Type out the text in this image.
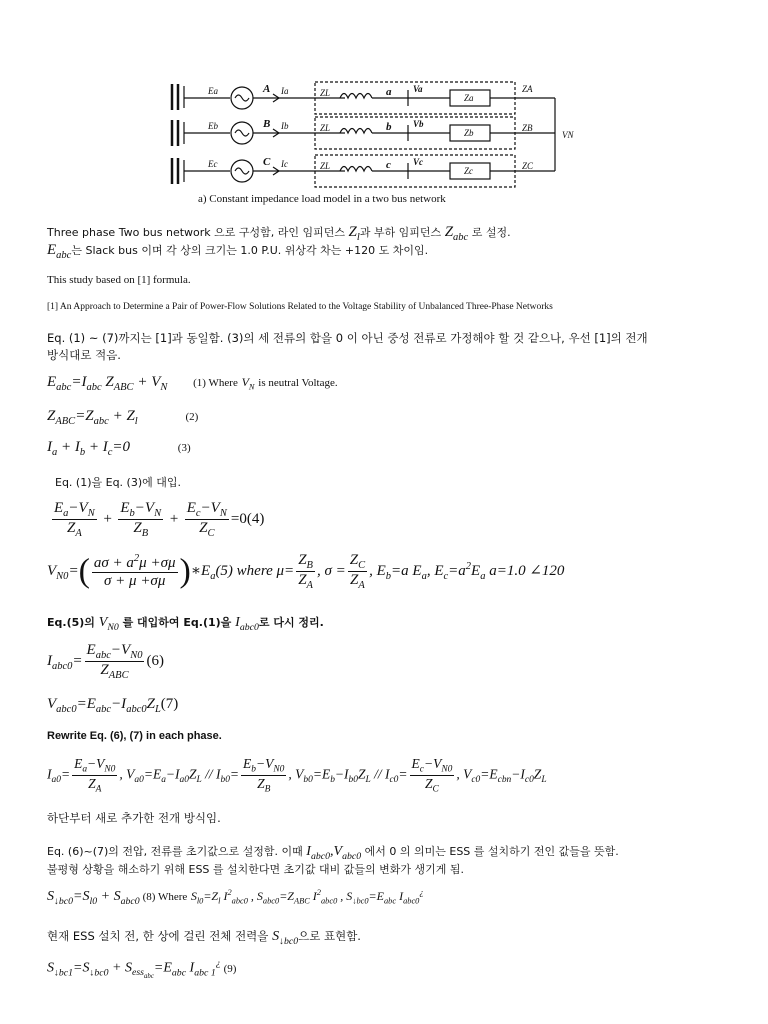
Ea
Eb
Ec
A
B
C
Ia
Ib
Ic
ZL
ZL
ZL
a
b
c
Va
Vb
Vc
Za
Zb
Zc
ZA
ZB
ZC
VN
a) Constant impedance load model in a two bus network
Three phase Two bus network 으로 구성함, 라인 임피던스 $Z_l$과 부하 임피던스 $Z_{abc}$ 로 설정.
$E_{abc}$는 Slack bus 이며 각 상의 크기는 1.0 P.U. 위상각 차는 +120 도 차이임.
This study based on [1] formula.
[1] An Approach to Determine a Pair of Power-Flow Solutions Related to the Voltage Stability of Unbalanced Three-Phase Networks
Eq. (1) ~ (7)까지는 [1]과 동일함. (3)의 세 전류의 합을 0 이 아닌 중성 전류로 가정해야 할 것 같으나, 우선 [1]의 전개
방식대로 적음.
$E_{abc}=I_{abc}$ $Z_{ABC} + V_N$ (1) Where $V_N$ is neutral Voltage.
$Z_{ABC}=Z_{abc} + Z_l$	(2)
$I_a + I_b + I_c=0$	(3)
Eq. (1)을 Eq. (3)에 대입.
$\frac{E_a-V_N}{Z_A} + \frac{E_b-V_N}{Z_B} + \frac{E_c-V_N}{Z_C} =0(4)$
$V_{N0}=( \frac{a\sigma + a^2\mu +\sigma\mu}{\sigma + \mu +\sigma\mu}$ )$∗E_a(5)$ where $\mu= \frac{Z_B}{Z_A}$ , $\sigma = \frac{Z_C}{Z_A}$ , $E_b=a$ $E_a$, $E_c=a^2E_a$ a=1.0 ∠120
Eq.(5)의 $V_{N0}$ 를 대입하여 Eq.(1)을 $I_{abc0}$로 다시 정리.
$I_{abc0}= \frac{E_{abc}-V_{N0}}{Z_{ABC}} (6)$
$V_{abc0}=E_{abc}-I_{abc0}Z_L(7)$
Rewrite Eq. (6), (7) in each phase.
$I_{a0}= \frac{E_a-V_{N0}}{Z_A}$ , $V_{a0}=E_a-I_{a0}Z_L // I_{b0}= \frac{E_b-V_{N0}}{Z_B}$ , $V_{b0}=E_b-I_{b0}Z_L // I_{c0}= \frac{E_c-V_{N0}}{Z_C}$ , $V_{c0}=E_{cbn}-I_{c0}Z_L$
하단부터 새로 추가한 전개 방식임.
Eq. (6)~(7)의 전압, 전류를 초기값으로 설정함. 이때 $I_{abc0},V_{abc0}$ 에서 0 의 의미는 ESS 를 설치하기 전인 값들을 뜻함.
불평형 상황을 해소하기 위해 ESS 를 설치한다면 초기값 대비 값들의 변화가 생기게 됨.
$S_{↓bc0}=S_{l0} + S_{abc0}$ (8) Where $S_{l0}=Z_l$ $I^2_{abc0}$ , $S_{abc0}=Z_{ABC}$ $I^2_{abc0}$ , $S_{↓bc0}=E_{abc}$ $I_{abc0}^¿$
현재 ESS 설치 전, 한 상에 걸린 전체 전력을 $S_{↓bc0}$으로 표현함.
$S_{↓bc1}=S_{↓bc0} + S_{ess_{abc}}=E_{abc}$ $I_{abc 1}^¿$ (9)
